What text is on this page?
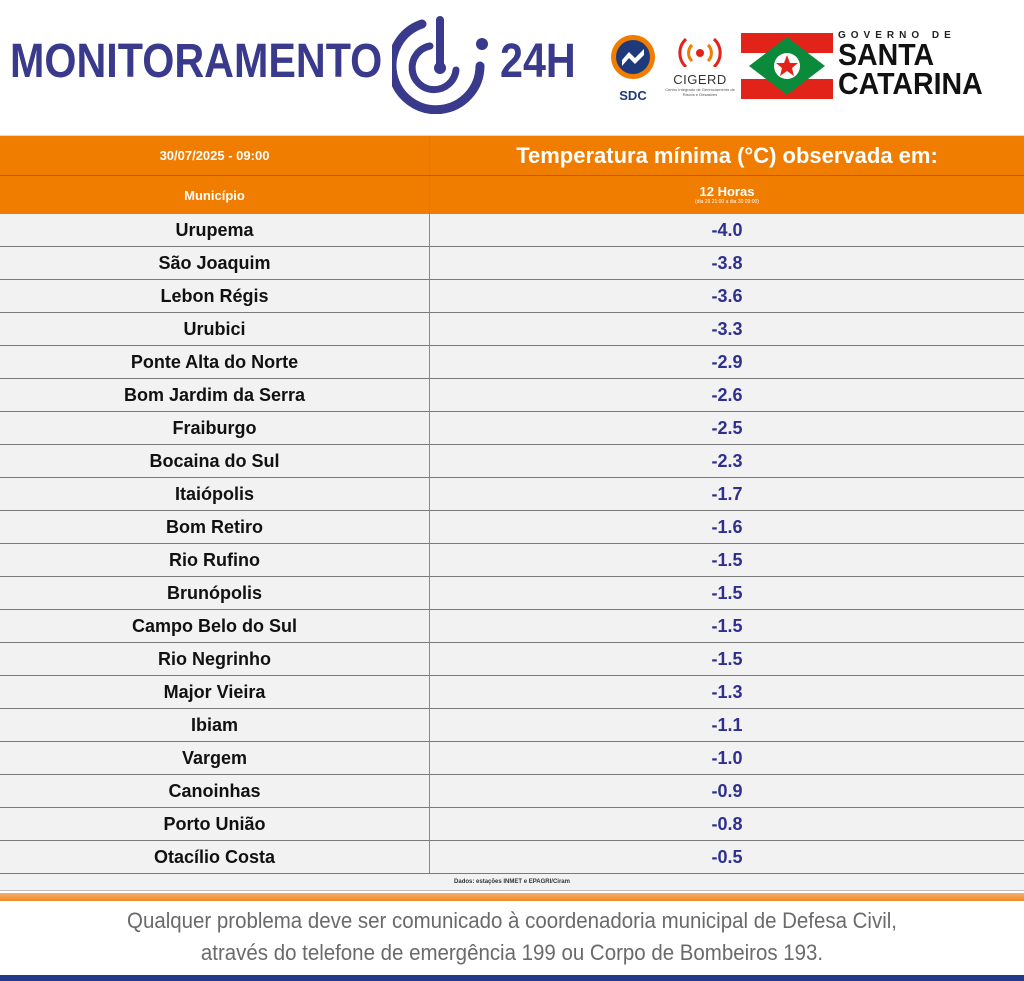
MONITORAMENTO 24H
SDC
CIGERD
Centro Integrado de Gerenciamento de Riscos e Desastres
GOVERNO DE
SANTA
CATARINA
30/07/2025 - 09:00	Temperatura mínima (°C) observada em:
Município	12 Horas
(dia 29 21:00 a dia 30 09:00)
Urupema	-4.0
São Joaquim	-3.8
Lebon Régis	-3.6
Urubici	-3.3
Ponte Alta do Norte	-2.9
Bom Jardim da Serra	-2.6
Fraiburgo	-2.5
Bocaina do Sul	-2.3
Itaiópolis	-1.7
Bom Retiro	-1.6
Rio Rufino	-1.5
Brunópolis	-1.5
Campo Belo do Sul	-1.5
Rio Negrinho	-1.5
Major Vieira	-1.3
Ibiam	-1.1
Vargem	-1.0
Canoinhas	-0.9
Porto União	-0.8
Otacílio Costa	-0.5
Dados: estações INMET e EPAGRI/Ciram
Qualquer problema deve ser comunicado à coordenadoria municipal de Defesa Civil,
através do telefone de emergência 199 ou Corpo de Bombeiros 193.
